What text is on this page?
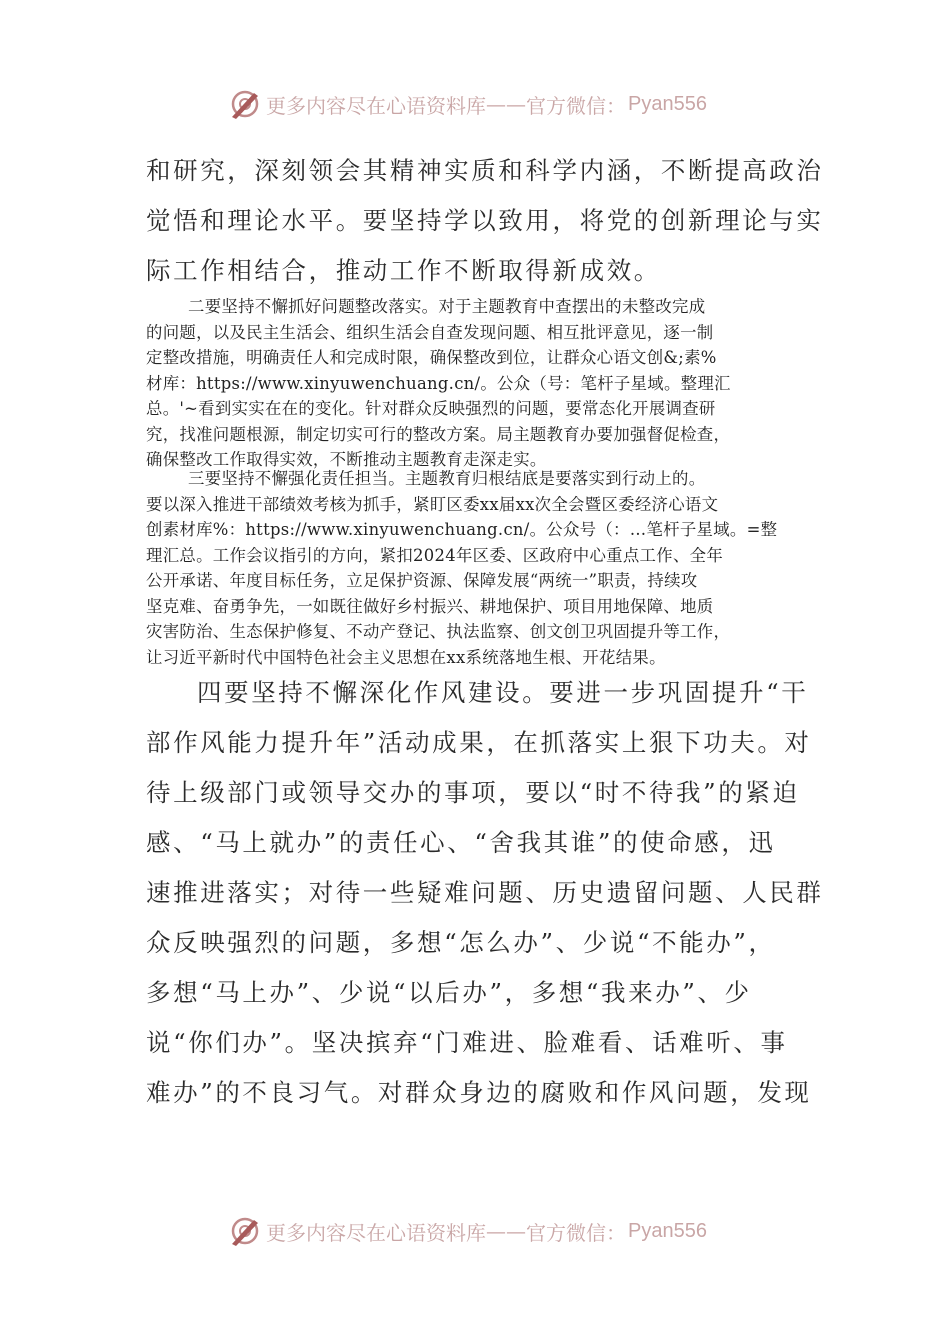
更多内容尽在心语资料库 —— 官方微信： Pyan556
和研究，深刻领会其精神实质和科学内涵，不断提高政治
觉悟和理论水平。要坚持学以致用，将党的创新理论与实
际工作相结合，推动工作不断取得新成效。
二要坚持不懈抓好问题整改落实。对于主题教育中查摆出的未整改完成
的问题，以及民主生活会、组织生活会自查发现问题、相互批评意见，逐一制
定整改措施，明确责任人和完成时限，确保整改到位，让群众心语文创&;素%
材库：https://www.xinyuwenchuang.cn/。公众（号：笔杆子星域。整理汇
总。'~看到实实在在的变化。针对群众反映强烈的问题，要常态化开展调查研
究，找准问题根源，制定切实可行的整改方案。局主题教育办要加强督促检查，
确保整改工作取得实效，不断推动主题教育走深走实。
三要坚持不懈强化责任担当。主题教育归根结底是要落实到行动上的。
要以深入推进干部绩效考核为抓手，紧盯区委xx届xx次全会暨区委经济心语文
创素材库%：https://www.xinyuwenchuang.cn/。公众号（：…笔杆子星域。=整
理汇总。工作会议指引的方向，紧扣2024年区委、区政府中心重点工作、全年
公开承诺、年度目标任务，立足保护资源、保障发展“两统一”职责，持续攻
坚克难、奋勇争先，一如既往做好乡村振兴、耕地保护、项目用地保障、地质
灾害防治、生态保护修复、不动产登记、执法监察、创文创卫巩固提升等工作，
让习近平新时代中国特色社会主义思想在xx系统落地生根、开花结果。
四要坚持不懈深化作风建设。要进一步巩固提升“干
部作风能力提升年”活动成果，在抓落实上狠下功夫。对
待上级部门或领导交办的事项，要以“时不待我”的紧迫
感、“马上就办”的责任心、“舍我其谁”的使命感，迅
速推进落实；对待一些疑难问题、历史遗留问题、人民群
众反映强烈的问题，多想“怎么办”、少说“不能办”，
多想“马上办”、少说“以后办”，多想“我来办”、少
说“你们办”。坚决摈弃“门难进、脸难看、话难听、事
难办”的不良习气。对群众身边的腐败和作风问题，发现
更多内容尽在心语资料库 —— 官方微信： Pyan556
